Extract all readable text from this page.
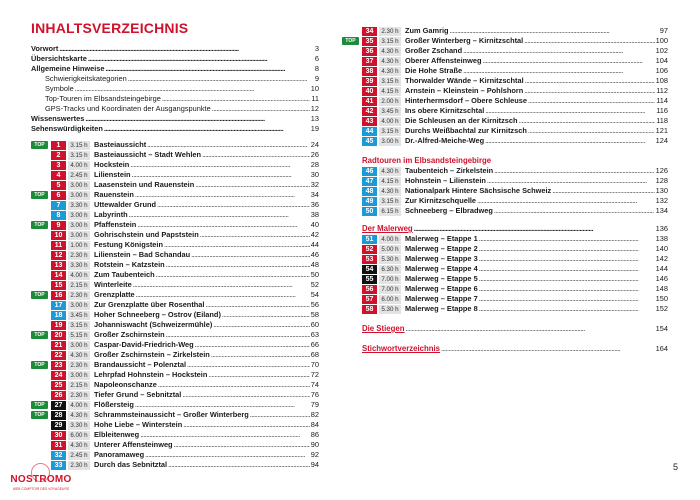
INHALTSVERZEICHNIS
Vorwort . . .	3
Übersichtskarte . . .	6
Allgemeine Hinweise . . .	8
Schwierigkeitskategorien . . .	9
Symbole . . .	10
Top-Touren im Elbsandsteingebirge . . .	11
GPS-Tracks und Koordinaten der Ausgangspunkte . . .	12
Wissenswertes . . .	13
Sehenswürdigkeiten . . .	19
TOP	1	3.15 h Basteiaussicht . . .	24
2	3.15 h Basteiaussicht – Stadt Wehlen . . .	26
3	4.00 h Hockstein . . .	28
4	2.45 h Lilienstein . . .	30
5	3.00 h Laasenstein und Rauenstein . . .	32
TOP	6	3.00 h Rauenstein . . .	34
7	3.30 h Uttewalder Grund . . .	36
8	3.00 h Labyrinth . . .	38
TOP	9	3.00 h Pfaffenstein . . .	40
10	3.00 h Gohrischstein und Papststein . . .	42
11	1.00 h Festung Königstein . . .	44
12	2.30 h Lilienstein – Bad Schandau . . .	46
13	3.30 h Rotstein – Katzstein . . .	48
14	4.00 h Zum Taubenteich . . .	50
15	2.15 h Winterleite . . .	52
TOP	16	2.30 h Grenzplatte . . .	54
17	3.00 h Zur Grenzplatte über Rosenthal . . .	56
18	3.45 h Hoher Schneeberg – Ostrov (Eiland) . . .	58
19	3.15 h Johanniswacht (Schweizermühle) . . .	60
TOP	20	5.15 h Großer Zschirnstein . . .	63
21	3.00 h Caspar-David-Friedrich-Weg . . .	66
22	4.30 h Großer Zschirnstein – Zirkelstein . . .	68
TOP	23	2.30 h Brandaussicht – Polenztal . . .	70
24	3.00 h Lehrpfad Hohnstein – Hockstein . . .	72
25	2.15 h Napoleonschanze . . .	74
26	2.30 h Tiefer Grund – Sebnitztal . . .	76
TOP	27	4.00 h Flößersteig . . .	79
TOP	28	4.30 h Schrammsteinaussicht – Großer Winterberg . . .	82
29	3.30 h Hohe Liebe – Winterstein . . .	84
30	6.00 h Elbleitenweg . . .	86
31	4.30 h Unterer Affensteinweg . . .	90
32	2.45 h Panoramaweg . . .	92
33	2.30 h Durch das Sebnitztal . . .	94
34	2.30 h Zum Gamrig . . .	97
TOP	35	3.15 h Großer Winterberg – Kirnitzschtal . . .	100
36	4.30 h Großer Zschand . . .	102
37	4.30 h Oberer Affensteinweg . . .	104
38	4.30 h Die Hohe Straße . . .	106
39	3.15 h Thorwalder Wände – Kirnitzschtal . . .	108
40	4.15 h Arnstein – Kleinstein – Pohlshorn . . .	112
41	2.00 h Hinterhermsdorf – Obere Schleuse . . .	114
42	3.45 h Ins obere Kirnitzschtal . . .	116
43	4.00 h Die Schleusen an der Kirnitzsch . . .	118
44	3.15 h Durchs Weißbachtal zur Kirnitzsch . . .	121
45	3.00 h Dr.-Alfred-Meiche-Weg . . .	124
Radtouren im Elbsandsteingebirge
46	4.30 h Taubenteich – Zirkelstein . . .	126
47	4.15 h Hohnstein – Lilienstein . . .	128
48	4.30 h Nationalpark Hintere Sächsische Schweiz . . .	130
49	3.15 h Zur Kirnitzschquelle . . .	132
50	6.15 h Schneeberg – Elbradweg . . .	134
Der Malerweg . . .	136
51	4.00 h Malerweg – Etappe 1 . . .	138
52	5.00 h Malerweg – Etappe 2 . . .	140
53	5.30 h Malerweg – Etappe 3 . . .	142
54	6.30 h Malerweg – Etappe 4 . . .	144
55	7.00 h Malerweg – Etappe 5 . . .	146
56	7.00 h Malerweg – Etappe 6 . . .	148
57	6.00 h Malerweg – Etappe 7 . . .	150
58	5.30 h Malerweg – Etappe 8 . . .	152
Die Stiegen . . .	154
Stichwortverzeichnis . . .	164
5
NOSTROMO
WEB COMPTOIR DES VOYAGEURS
